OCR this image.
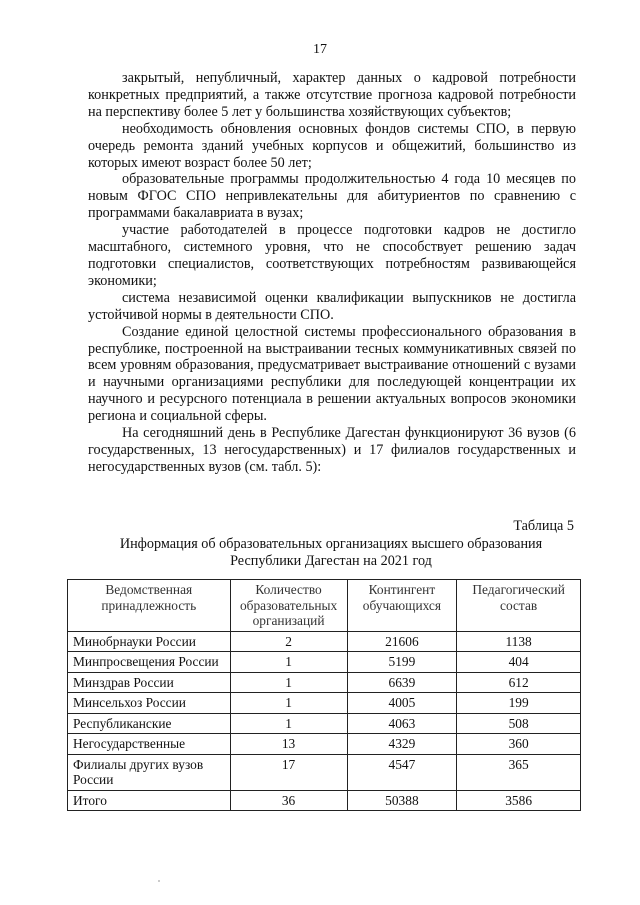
17

закрытый, непубличный, характер данных о кадровой потребности конкретных предприятий, а также отсутствие прогноза кадровой потребности на перспективу более 5 лет у большинства хозяйствующих субъектов;

необходимость обновления основных фондов системы СПО, в первую очередь ремонта зданий учебных корпусов и общежитий, большинство из которых имеют возраст более 50 лет;

образовательные программы продолжительностью 4 года 10 месяцев по новым ФГОС СПО непривлекательны для абитуриентов по сравнению с программами бакалавриата в вузах;

участие работодателей в процессе подготовки кадров не достигло масштабного, системного уровня, что не способствует решению задач подготовки специалистов, соответствующих потребностям развивающейся экономики;

система независимой оценки квалификации выпускников не достигла устойчивой нормы в деятельности СПО.

Создание единой целостной системы профессионального образования в республике, построенной на выстраивании тесных коммуникативных связей по всем уровням образования, предусматривает выстраивание отношений с вузами и научными организациями республики для последующей концентрации их научного и ресурсного потенциала в решении актуальных вопросов экономики региона и социальной сферы.

На сегодняшний день в Республике Дагестан функционируют 36 вузов (6 государственных, 13 негосударственных) и 17 филиалов государственных и негосударственных вузов (см. табл. 5):

Таблица 5
Информация об образовательных организациях высшего образования Республики Дагестан на 2021 год
Ведомственная принадлежность	Количество образовательных организаций	Контингент обучающихся	Педагогический состав
Минобрнауки России	2	21606	1138
Минпросвещения России	1	5199	404
Минздрав России	1	6639	612
Минсельхоз России	1	4005	199
Республиканские	1	4063	508
Негосударственные	13	4329	360
Филиалы других вузов России	17	4547	365
Итого	36	50388	3586
